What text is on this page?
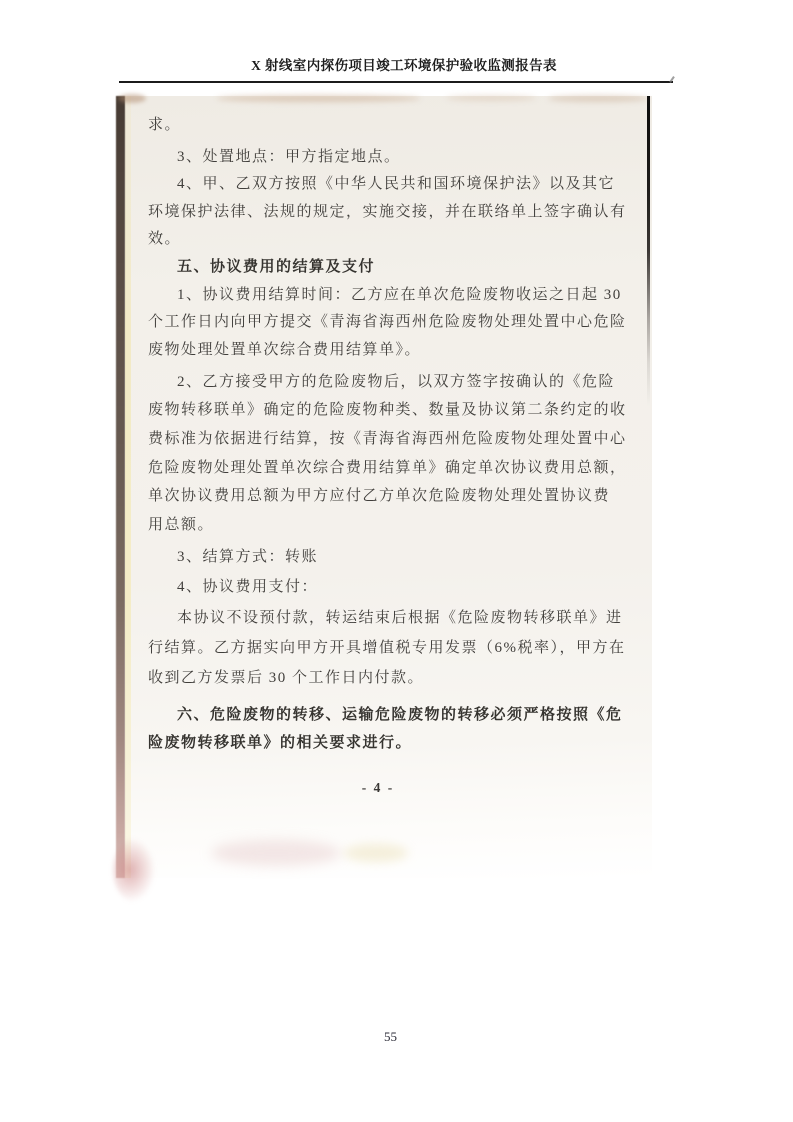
X 射线室内探伤项目竣工环境保护验收监测报告表
求。
3、处置地点：甲方指定地点。
4、甲、乙双方按照《中华人民共和国环境保护法》以及其它
环境保护法律、法规的规定，实施交接，并在联络单上签字确认有
效。
五、协议费用的结算及支付
1、协议费用结算时间：乙方应在单次危险废物收运之日起 30
个工作日内向甲方提交《青海省海西州危险废物处理处置中心危险
废物处理处置单次综合费用结算单》。
2、乙方接受甲方的危险废物后，以双方签字按确认的《危险
废物转移联单》确定的危险废物种类、数量及协议第二条约定的收
费标准为依据进行结算，按《青海省海西州危险废物处理处置中心
危险废物处理处置单次综合费用结算单》确定单次协议费用总额，
单次协议费用总额为甲方应付乙方单次危险废物处理处置协议费
用总额。
3、结算方式：转账
4、协议费用支付：
本协议不设预付款，转运结束后根据《危险废物转移联单》进
行结算。乙方据实向甲方开具增值税专用发票（6%税率），甲方在
收到乙方发票后 30 个工作日内付款。
六、危险废物的转移、运输危险废物的转移必须严格按照《危
险废物转移联单》的相关要求进行。
- 4 -
55
